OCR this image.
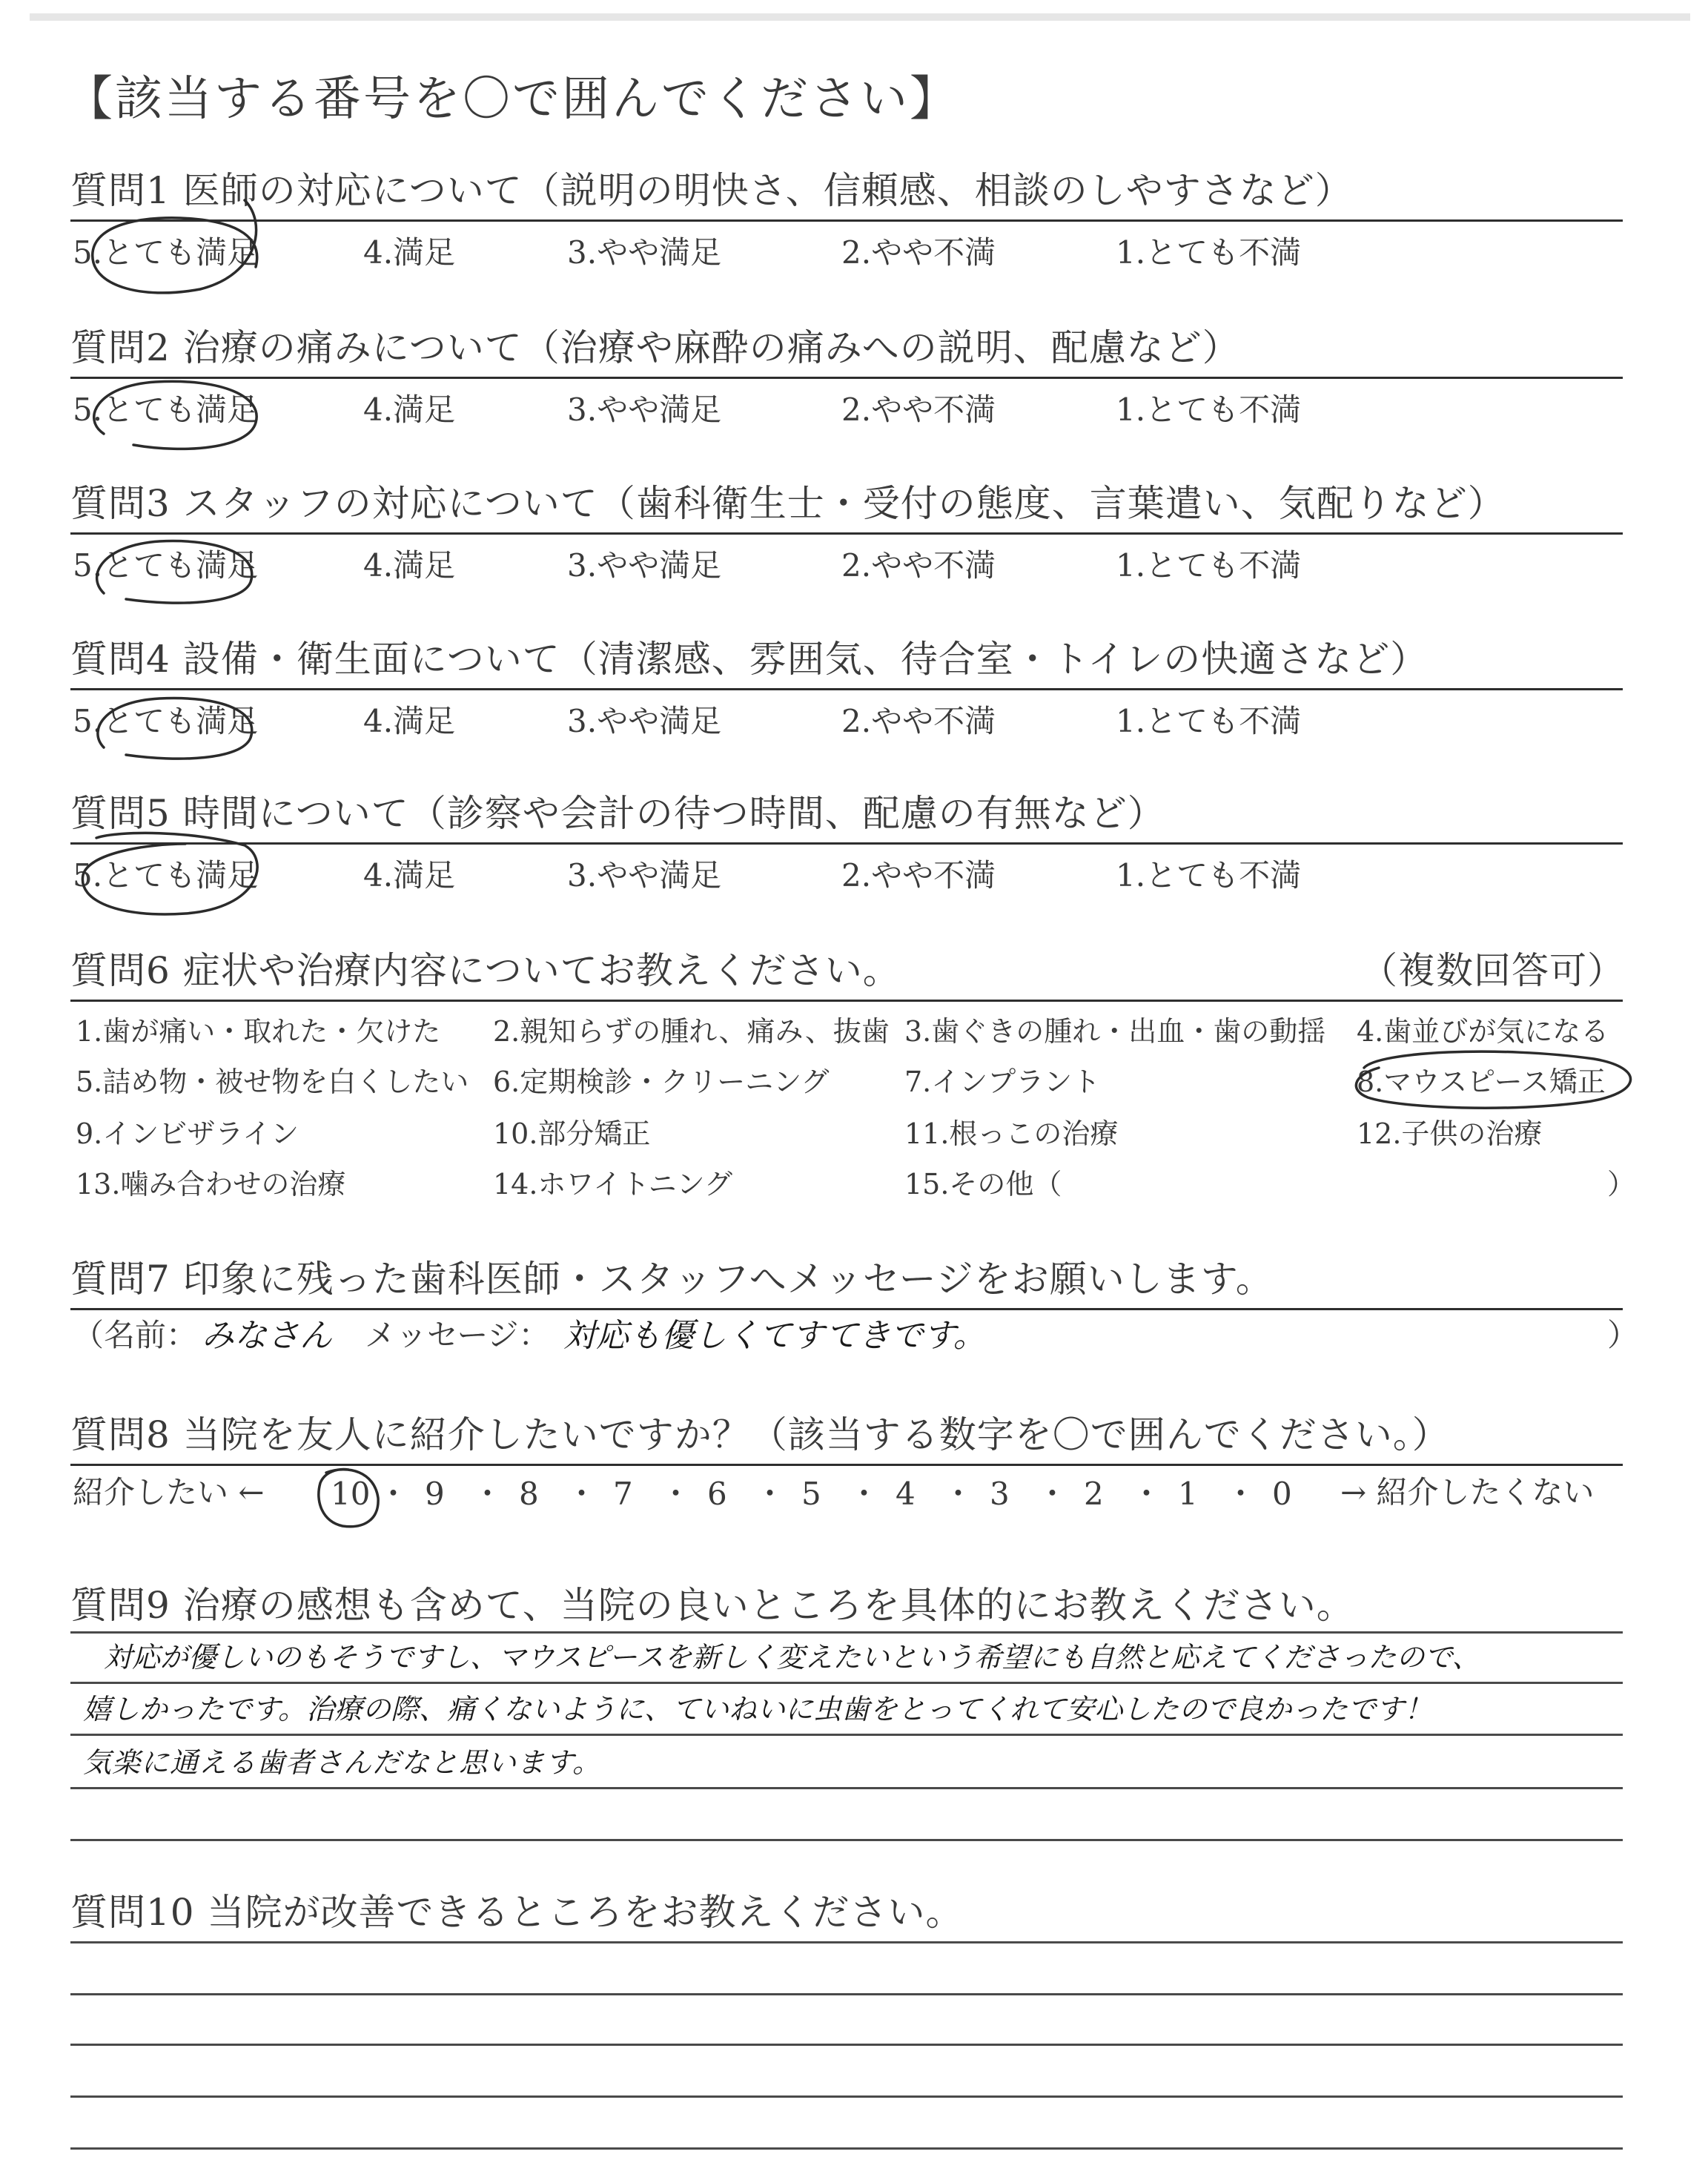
【該当する番号を〇で囲んでください】
質問1 医師の対応について（説明の明快さ、信頼感、相談のしやすさなど）
5.とても満足	4.満足	3.やや満足	2.やや不満	1.とても不満
質問2 治療の痛みについて（治療や麻酔の痛みへの説明、配慮など）
5.とても満足	4.満足	3.やや満足	2.やや不満	1.とても不満
質問3 スタッフの対応について（歯科衛生士・受付の態度、言葉遣い、気配りなど）
5.とても満足	4.満足	3.やや満足	2.やや不満	1.とても不満
質問4 設備・衛生面について（清潔感、雰囲気、待合室・トイレの快適さなど）
5.とても満足	4.満足	3.やや満足	2.やや不満	1.とても不満
質問5 時間について（診察や会計の待つ時間、配慮の有無など）
5.とても満足	4.満足	3.やや満足	2.やや不満	1.とても不満
質問6 症状や治療内容についてお教えください。	（複数回答可）
1.歯が痛い・取れた・欠けた 2.親知らずの腫れ、痛み、抜歯 3.歯ぐきの腫れ・出血・歯の動揺 4.歯並びが気になる
5.詰め物・被せ物を白くしたい 6.定期検診・クリーニング	7.インプラント	8.マウスピース矯正
9.インビザライン	10.部分矯正	11.根っこの治療	12.子供の治療
13.噛み合わせの治療	14.ホワイトニング	15.その他（	）
質問7 印象に残った歯科医師・スタッフへメッセージをお願いします。
（名前： みなさん メッセージ： 対応も優しくてすてきです。	）
質問8 当院を友人に紹介したいですか？（該当する数字を〇で囲んでください。）
紹介したい ← 10 ・ 9 ・ 8 ・ 7 ・ 6 ・ 5 ・ 4 ・ 3 ・ 2 ・ 1 ・ 0 → 紹介したくない
質問9 治療の感想も含めて、当院の良いところを具体的にお教えください。
対応が優しいのもそうですし、マウスピースを新しく変えたいという希望にも自然と応えてくださったので、
嬉しかったです。治療の際、痛くないように、ていねいに虫歯をとってくれて安心したので良かったです！
気楽に通える歯者さんだなと思います。
質問10 当院が改善できるところをお教えください。
